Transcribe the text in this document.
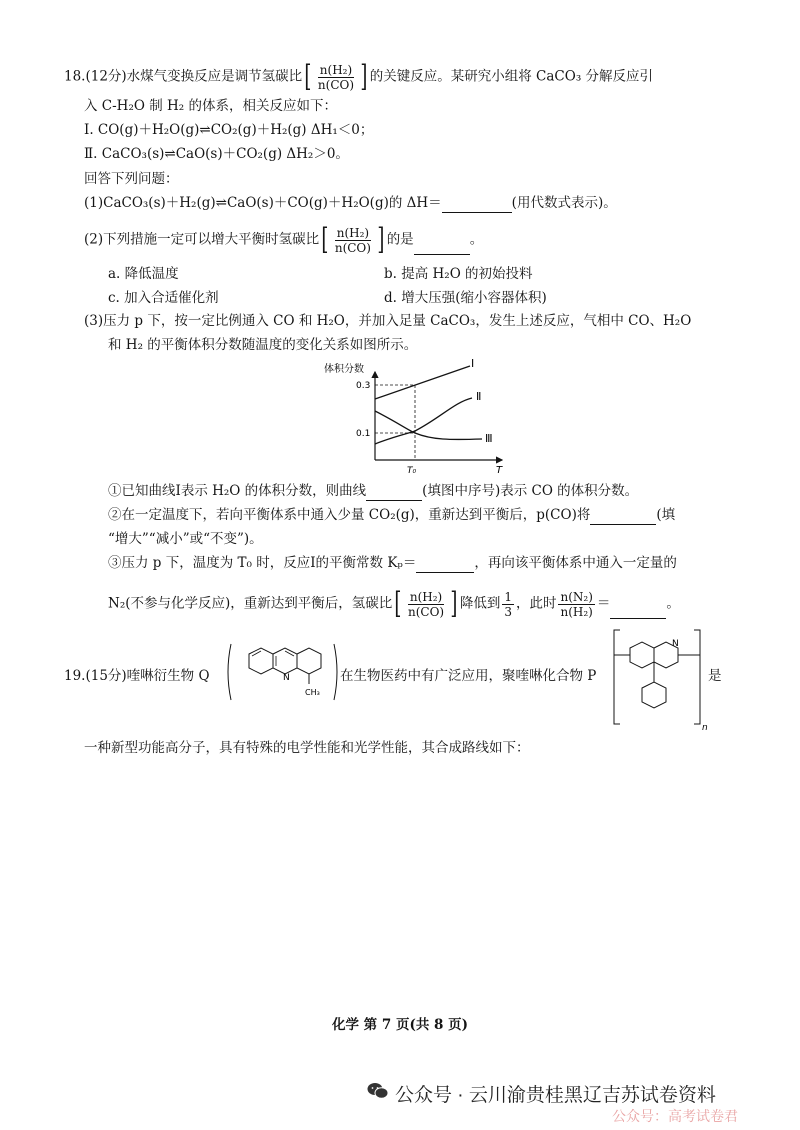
18.(12分)水煤气变换反应是调节氢碳比 [ $\frac{\text{n(H₂)}}{n(CO)}$ ] 的关键反应。某研究小组将 CaCO₃ 分解反应引
入 C-H₂O 制 H₂ 的体系，相关反应如下：
Ⅰ. CO(g)＋H₂O(g)⇌CO₂(g)＋H₂(g) ΔH₁＜0；
Ⅱ. CaCO₃(s)⇌CaO(s)＋CO₂(g) ΔH₂＞0。
回答下列问题：
(1)CaCO₃(s)＋H₂(g)⇌CaO(s)＋CO(g)＋H₂O(g)的 ΔH＝	(用代数式表示)。
(2)下列措施一定可以增大平衡时氢碳比 [ $\frac{\text{n(H₂)}}{n(CO)}$ ] 的是	。
a. 降低温度	b. 提高 H₂O 的初始投料
c. 加入合适催化剂	d. 增大压强(缩小容器体积)
(3)压力 p 下，按一定比例通入 CO 和 H₂O，并加入足量 CaCO₃，发生上述反应，气相中 CO、H₂O
和 H₂ 的平衡体积分数随温度的变化关系如图所示。
体积分数
T
0.3
0.1
T₀
Ⅰ
Ⅱ
Ⅲ
①已知曲线Ⅰ表示 H₂O 的体积分数，则曲线	(填图中序号)表示 CO 的体积分数。
②在一定温度下，若向平衡体系中通入少量 CO₂(g)，重新达到平衡后，p(CO)将	(填
“增大”“减小”或“不变”)。
③压力 p 下，温度为 T₀ 时，反应Ⅰ的平衡常数 Kₚ＝	，再向该平衡体系中通入一定量的
N₂(不参与化学反应)，重新达到平衡后，氢碳比 [ $\frac{\text{n(H₂)}}{n(CO)}$ ] 降低到 $\frac{1}{3}$ ，此时 $\frac{\text{n(N₂)}}{\text{n(H₂)}}$ ＝	。
19.(15分)喹啉衍生物 Q	N
CH₃
在生物医药中有广泛应用，聚喹啉化合物 P
N
n
是
一种新型功能高分子，具有特殊的电学性能和光学性能，其合成路线如下：
化学 第 7 页(共 8 页)
公众号 · 云川渝贵桂黑辽吉苏试卷资料
公众号：高考试卷君
